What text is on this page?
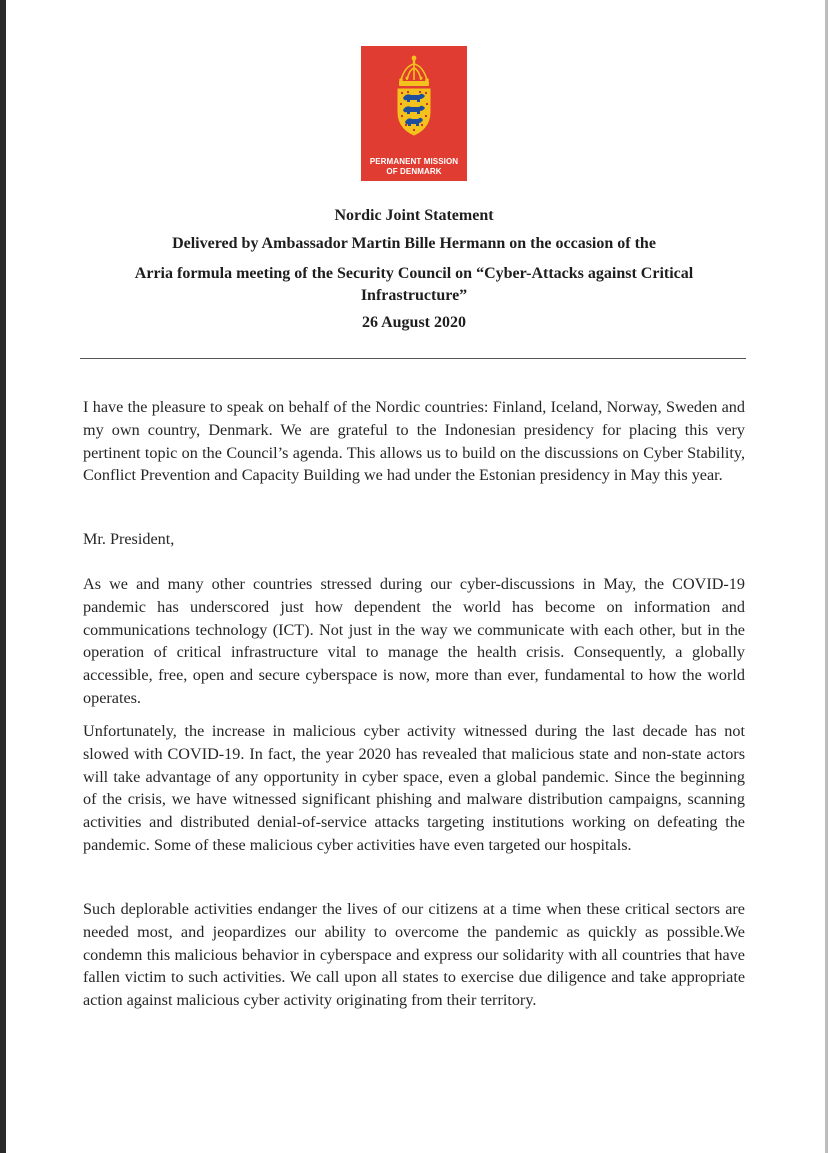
PERMANENT MISSION
OF DENMARK
Nordic Joint Statement
Delivered by Ambassador Martin Bille Hermann on the occasion of the
Arria formula meeting of the Security Council on “Cyber-Attacks against Critical
Infrastructure”
26 August 2020

I have the pleasure to speak on behalf of the Nordic countries: Finland, Iceland, Norway, Sweden and my own country, Denmark. We are grateful to the Indonesian presidency for placing this very pertinent topic on the Council’s agenda. This allows us to build on the discussions on Cyber Stability, Conflict Prevention and Capacity Building we had under the Estonian presidency in May this year.

Mr. President,

As we and many other countries stressed during our cyber-discussions in May, the COVID-19 pandemic has underscored just how dependent the world has become on information and communications technology (ICT). Not just in the way we communicate with each other, but in the operation of critical infrastructure vital to manage the health crisis. Consequently, a globally accessible, free, open and secure cyberspace is now, more than ever, fundamental to how the world operates.

Unfortunately, the increase in malicious cyber activity witnessed during the last decade has not slowed with COVID-19. In fact, the year 2020 has revealed that malicious state and non-state actors will take advantage of any opportunity in cyber space, even a global pandemic. Since the beginning of the crisis, we have witnessed significant phishing and malware distribution campaigns, scanning activities and distributed denial-of-service attacks targeting institutions working on defeating the pandemic. Some of these malicious cyber activities have even targeted our hospitals.

Such deplorable activities endanger the lives of our citizens at a time when these critical sectors are needed most, and jeopardizes our ability to overcome the pandemic as quickly as possible.We condemn this malicious behavior in cyberspace and express our solidarity with all countries that have fallen victim to such activities. We call upon all states to exercise due diligence and take appropriate action against malicious cyber activity originating from their territory.
